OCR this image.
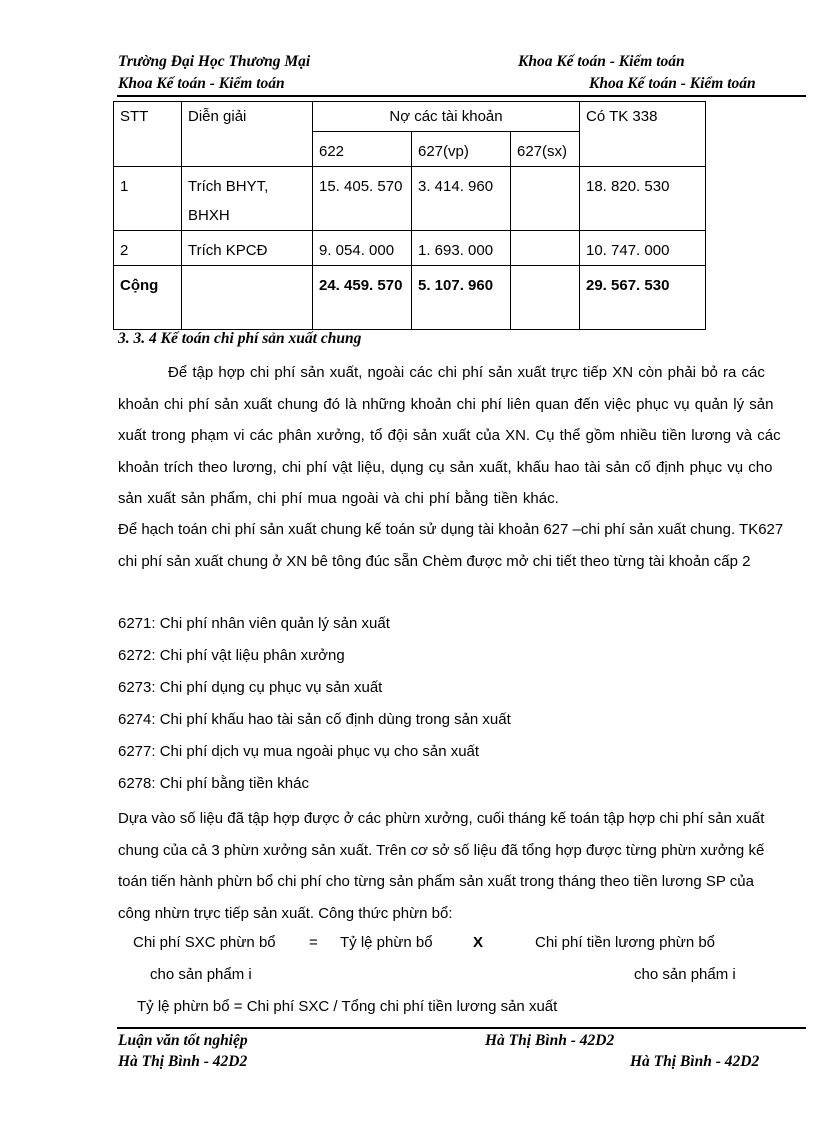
Trường Đại Học Thương Mại	Khoa Kế toán - Kiểm toán
Khoa Kế toán - Kiểm toán	Khoa Kế toán - Kiểm toán
STT	Diễn giải	Nợ các tài khoản			Có TK 338
		622	627(vp)	627(sx)	
1	Trích BHYT, BHXH	15. 405. 570	3. 414. 960		18. 820. 530
2	Trích KPCĐ	9. 054. 000	1. 693. 000		10. 747. 000
Cộng		24. 459. 570	5. 107. 960		29. 567. 530
3. 3. 4 Kế toán chi phí sản xuất chung
Để tập hợp chi phí sản xuất, ngoài các chi phí sản xuất trực tiếp XN còn phải bỏ ra các khoản chi phí sản xuất chung đó là những khoản chi phí liên quan đến việc phục vụ quản lý sản xuất trong phạm vi các phân xưởng, tổ đội sản xuất của XN. Cụ thể gồm nhiều tiền lương và các khoản trích theo lương, chi phí vật liệu, dụng cụ sản xuất, khấu hao tài sản cố định phục vụ cho sản xuất sản phẩm, chi phí mua ngoài và chi phí bằng tiền khác.
Để hạch toán chi phí sản xuất chung kế toán sử dụng tài khoản 627 –chi phí sản xuất chung. TK627 chi phí sản xuất chung ở XN bê tông đúc sẵn Chèm được mở chi tiết theo từng tài khoản cấp 2
6271: Chi phí nhân viên quản lý sản xuất
6272: Chi phí vật liệu phân xưởng
6273: Chi phí dụng cụ phục vụ sản xuất
6274: Chi phí khấu hao tài sản cố định dùng trong sản xuất
6277: Chi phí dịch vụ mua ngoài phục vụ cho sản xuất
6278: Chi phí bằng tiền khác
Dựa vào số liệu đã tập hợp được ở các phừn xưởng, cuối tháng kế toán tập hợp chi phí sản xuất chung của cả 3 phừn xưởng sản xuất. Trên cơ sở số liệu đã tổng hợp được từng phừn xưởng kế toán tiến hành phừn bổ chi phí cho từng sản phẩm sản xuất trong tháng theo tiền lương SP của công nhừn trực tiếp sản xuất. Công thức phừn bổ:
Chi phí SXC phừn bổ = Tỷ lệ phừn bổ	X	Chi phí tiền lương phừn bổ
cho sản phẩm i	cho sản phẩm i
Tỷ lệ phừn bổ = Chi phí SXC / Tổng chi phí tiền lương sản xuất
Luận văn tốt nghiệp	Hà Thị Bình - 42D2
Hà Thị Bình - 42D2	Hà Thị Bình - 42D2
